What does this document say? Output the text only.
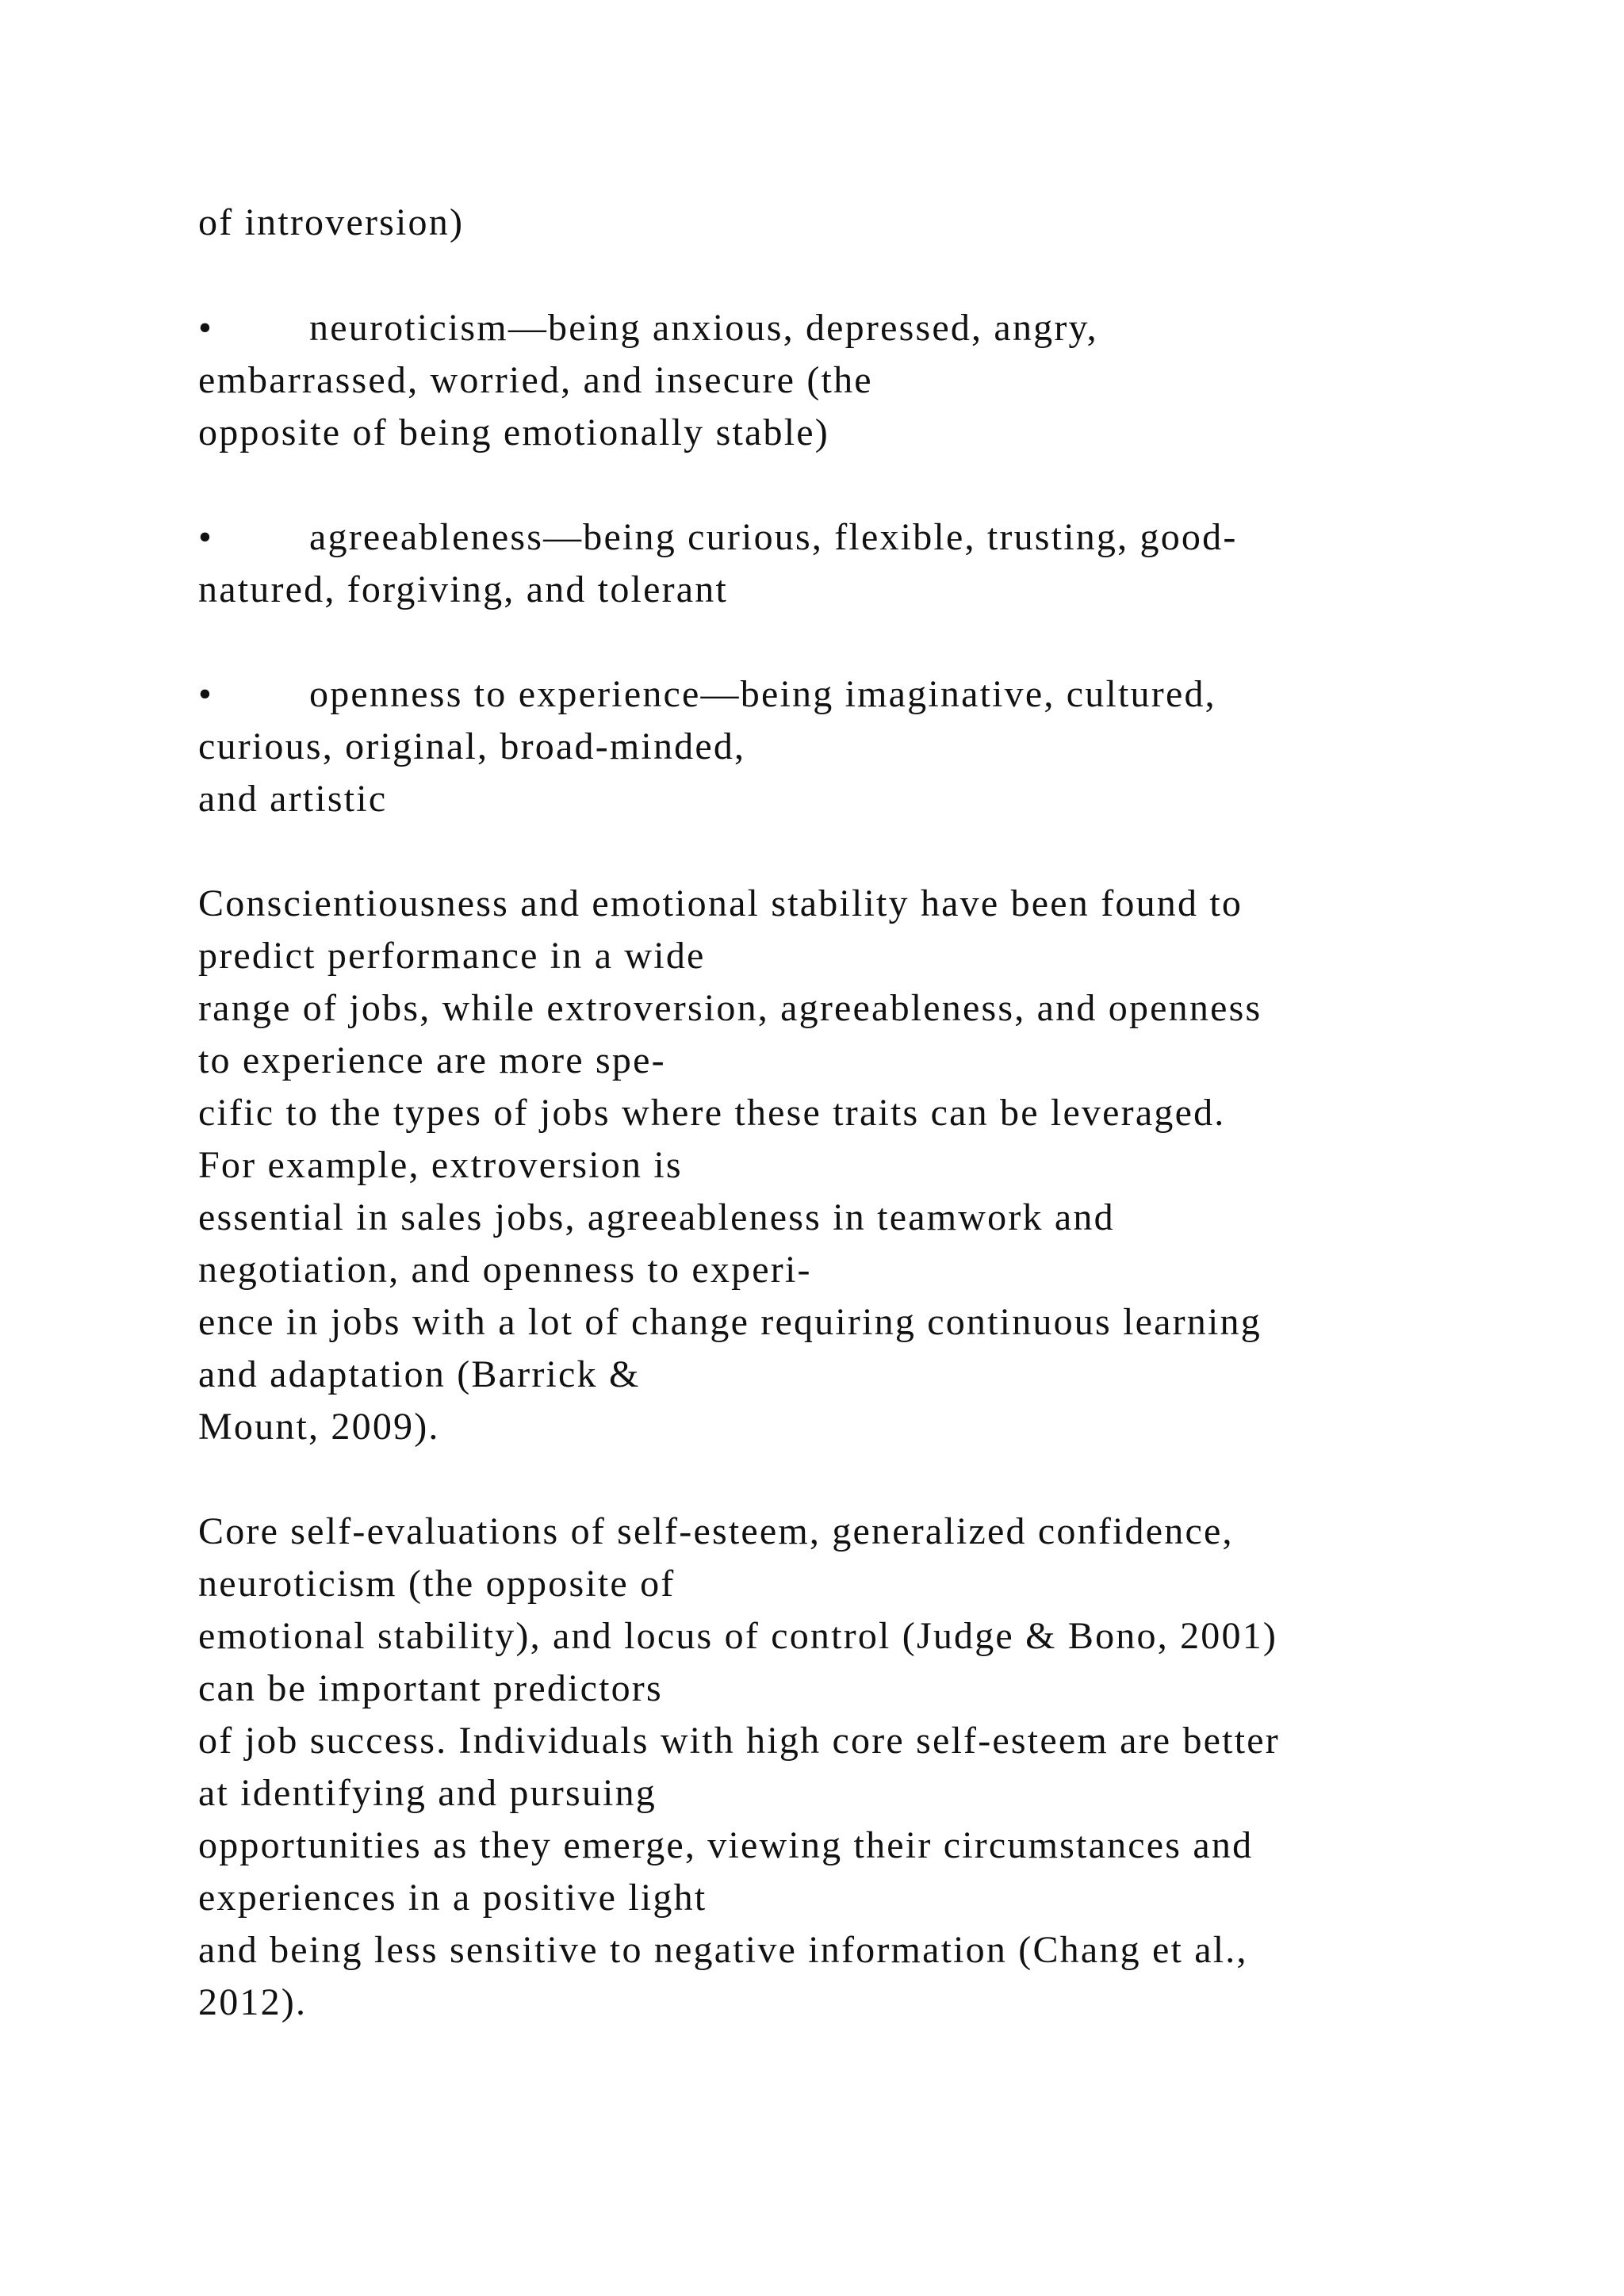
of introversion)

•	neuroticism—being anxious, depressed, angry,

embarrassed, worried, and insecure (the

opposite of being emotionally stable)

•	agreeableness—being curious, flexible, trusting, good-

natured, forgiving, and tolerant

•	openness to experience—being imaginative, cultured,

curious, original, broad-minded,

and artistic

Conscientiousness and emotional stability have been found to

predict performance in a wide

range of jobs, while extroversion, agreeableness, and openness

to experience are more spe-

cific to the types of jobs where these traits can be leveraged.

For example, extroversion is

essential in sales jobs, agreeableness in teamwork and

negotiation, and openness to experi-

ence in jobs with a lot of change requiring continuous learning

and adaptation (Barrick &

Mount, 2009).

Core self-evaluations of self-esteem, generalized confidence,

neuroticism (the opposite of

emotional stability), and locus of control (Judge & Bono, 2001)

can be important predictors

of job success. Individuals with high core self-esteem are better

at identifying and pursuing

opportunities as they emerge, viewing their circumstances and

experiences in a positive light

and being less sensitive to negative information (Chang et al.,

2012).
